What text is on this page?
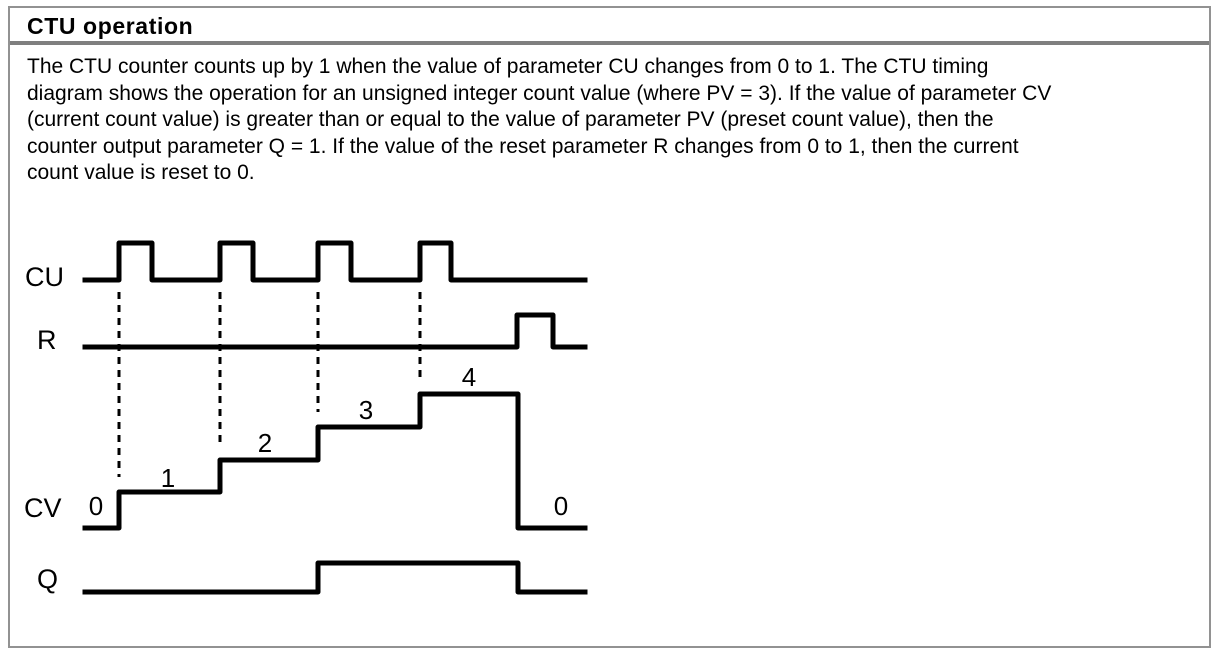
CTU operation
The CTU counter counts up by 1 when the value of parameter CU changes from 0 to 1. The CTU timing
diagram shows the operation for an unsigned integer count value (where PV = 3). If the value of parameter CV
(current count value) is greater than or equal to the value of parameter PV (preset count value), then the
counter output parameter Q = 1. If the value of the reset parameter R changes from 0 to 1, then the current
count value is reset to 0.
CU
R
CV
Q
0
1
2
3
4
0
